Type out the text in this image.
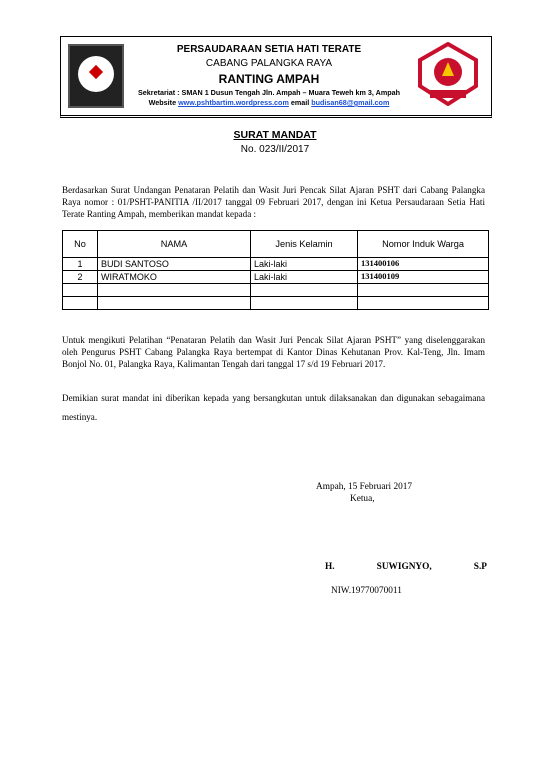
PERSAUDARAAN SETIA HATI TERATE
CABANG PALANGKA RAYA
RANTING AMPAH
Sekretariat : SMAN 1 Dusun Tengah Jln. Ampah – Muara Teweh km 3, Ampah
Website www.pshtbartim.wordpress.com email budisan68@gmail.com
SURAT MANDAT
No. 023/II/2017
Berdasarkan Surat Undangan Penataran Pelatih dan Wasit Juri Pencak Silat Ajaran PSHT dari Cabang Palangka Raya nomor : 01/PSHT-PANITIA /II/2017 tanggal 09 Februari 2017, dengan ini Ketua Persaudaraan Setia Hati Terate Ranting Ampah, memberikan mandat kepada :
No	NAMA	Jenis Kelamin	Nomor Induk Warga
1	BUDI SANTOSO	Laki-laki	131400106
2	WIRATMOKO	Laki-laki	131400109

Untuk mengikuti Pelatihan “Penataran Pelatih dan Wasit Juri Pencak Silat Ajaran PSHT” yang diselenggarakan oleh Pengurus PSHT Cabang Palangka Raya bertempat di Kantor Dinas Kehutanan Prov. Kal-Teng, Jln. Imam Bonjol No. 01, Palangka Raya, Kalimantan Tengah dari tanggal 17 s/d 19 Februari 2017.
Demikian surat mandat ini diberikan kepada yang bersangkutan untuk dilaksanakan dan digunakan sebagaimana mestinya.
Ampah, 15 Februari 2017
Ketua,
H.	SUWIGNYO,	S.P
NIW.19770070011
